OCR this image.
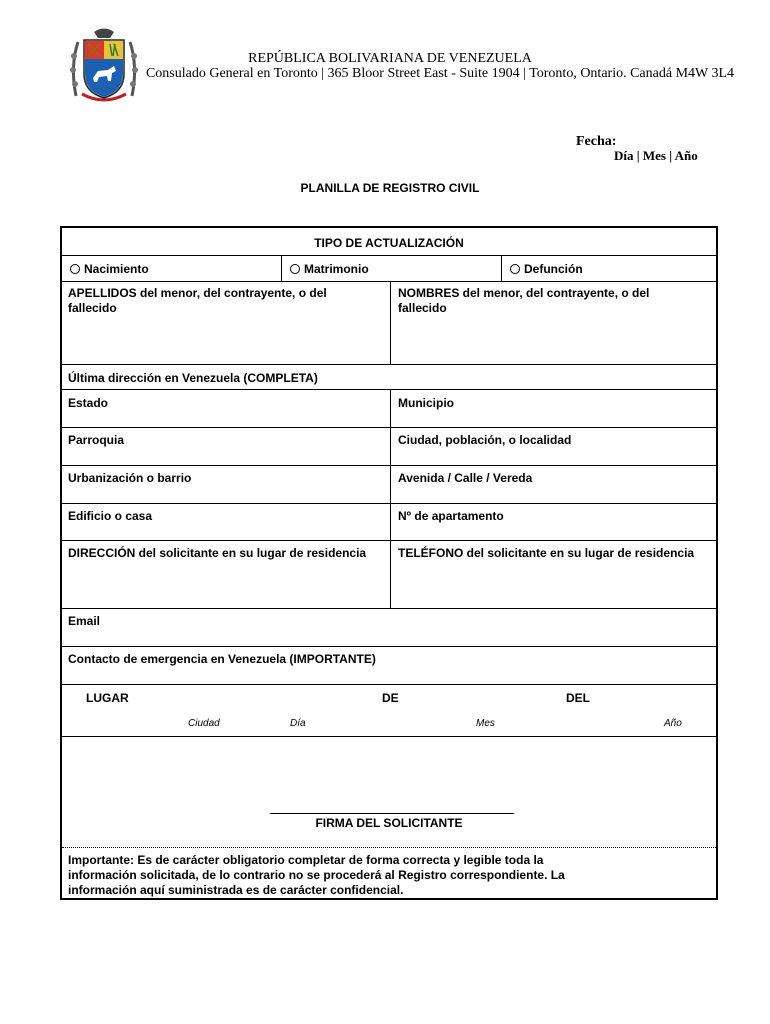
REPÚBLICA BOLIVARIANA DE VENEZUELA
Consulado General en Toronto | 365 Bloor Street East - Suite 1904 | Toronto, Ontario. Canadá M4W 3L4
Fecha:
Día | Mes | Año
PLANILLA DE REGISTRO CIVIL
TIPO DE ACTUALIZACIÓN
Nacimiento	Matrimonio	Defunción
APELLIDOS del menor, del contrayente, o del fallecido
NOMBRES del menor, del contrayente, o del fallecido
Última dirección en Venezuela (COMPLETA)
Estado	Municipio
Parroquia	Ciudad, población, o localidad
Urbanización o barrio	Avenida / Calle / Vereda
Edificio o casa	Nº de apartamento
DIRECCIÓN del solicitante en su lugar de residencia	TELÉFONO del solicitante en su lugar de residencia
Email
Contacto de emergencia en Venezuela (IMPORTANTE)
LUGAR	DE	DEL
Ciudad	Día	Mes	Año
FIRMA DEL SOLICITANTE
Importante: Es de carácter obligatorio completar de forma correcta y legible toda la información solicitada, de lo contrario no se procederá al Registro correspondiente. La información aquí suministrada es de carácter confidencial.
